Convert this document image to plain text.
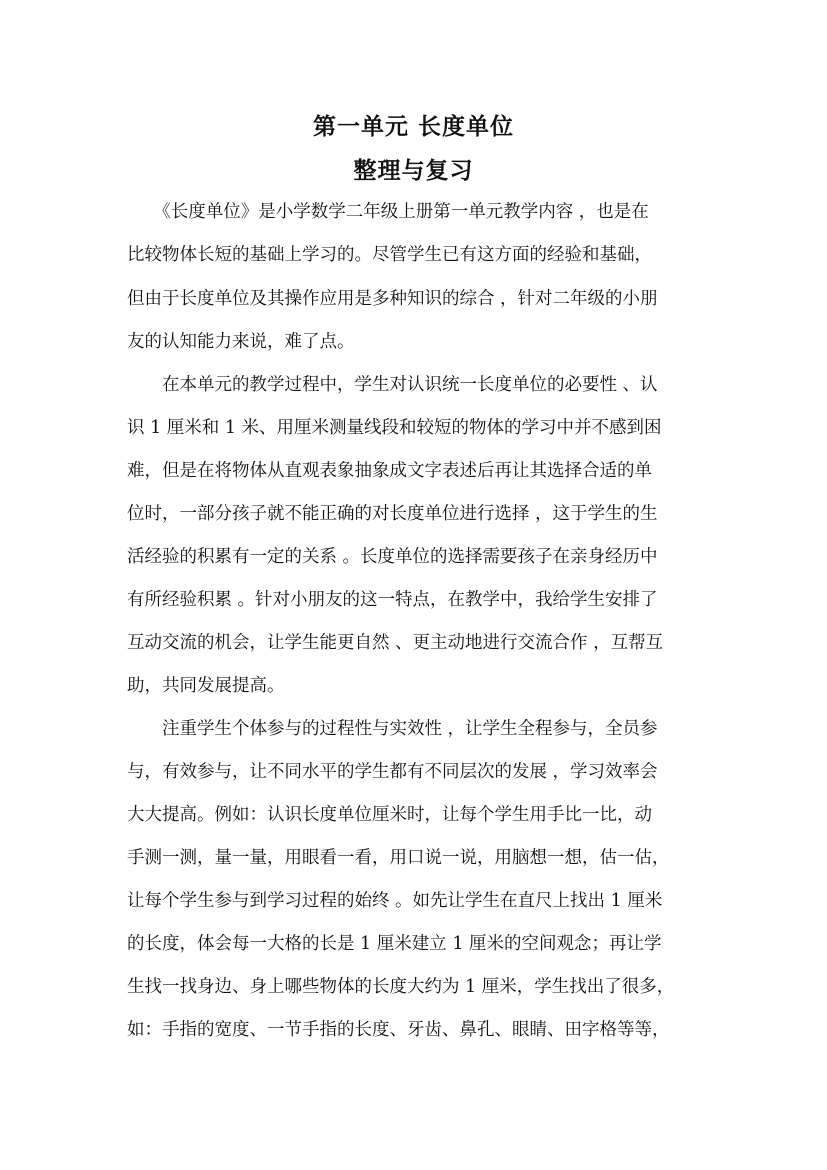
第一单元 长度单位
整理与复习
　　《长度单位》是小学数学二年级上册第一单元教学内容 ，也是在
比较物体长短的基础上学习的。尽管学生已有这方面的经验和基础，
但由于长度单位及其操作应用是多种知识的综合 ，针对二年级的小朋
友的认知能力来说，难了点。
　　在本单元的教学过程中，学生对认识统一长度单位的必要性 、认
识 1 厘米和 1 米、用厘米测量线段和较短的物体的学习中并不感到困
难，但是在将物体从直观表象抽象成文字表述后再让其选择合适的单
位时，一部分孩子就不能正确的对长度单位进行选择 ，这于学生的生
活经验的积累有一定的关系 。长度单位的选择需要孩子在亲身经历中
有所经验积累 。针对小朋友的这一特点，在教学中，我给学生安排了
互动交流的机会，让学生能更自然 、更主动地进行交流合作 ，互帮互
助，共同发展提高。
　　注重学生个体参与的过程性与实效性 ，让学生全程参与，全员参
与，有效参与，让不同水平的学生都有不同层次的发展 ，学习效率会
大大提高。例如：认识长度单位厘米时，让每个学生用手比一比，动
手测一测，量一量，用眼看一看，用口说一说，用脑想一想，估一估，
让每个学生参与到学习过程的始终 。如先让学生在直尺上找出 1 厘米
的长度，体会每一大格的长是 1 厘米建立 1 厘米的空间观念；再让学
生找一找身边、身上哪些物体的长度大约为 1 厘米，学生找出了很多，
如：手指的宽度、一节手指的长度、牙齿、鼻孔、眼睛、田字格等等，
